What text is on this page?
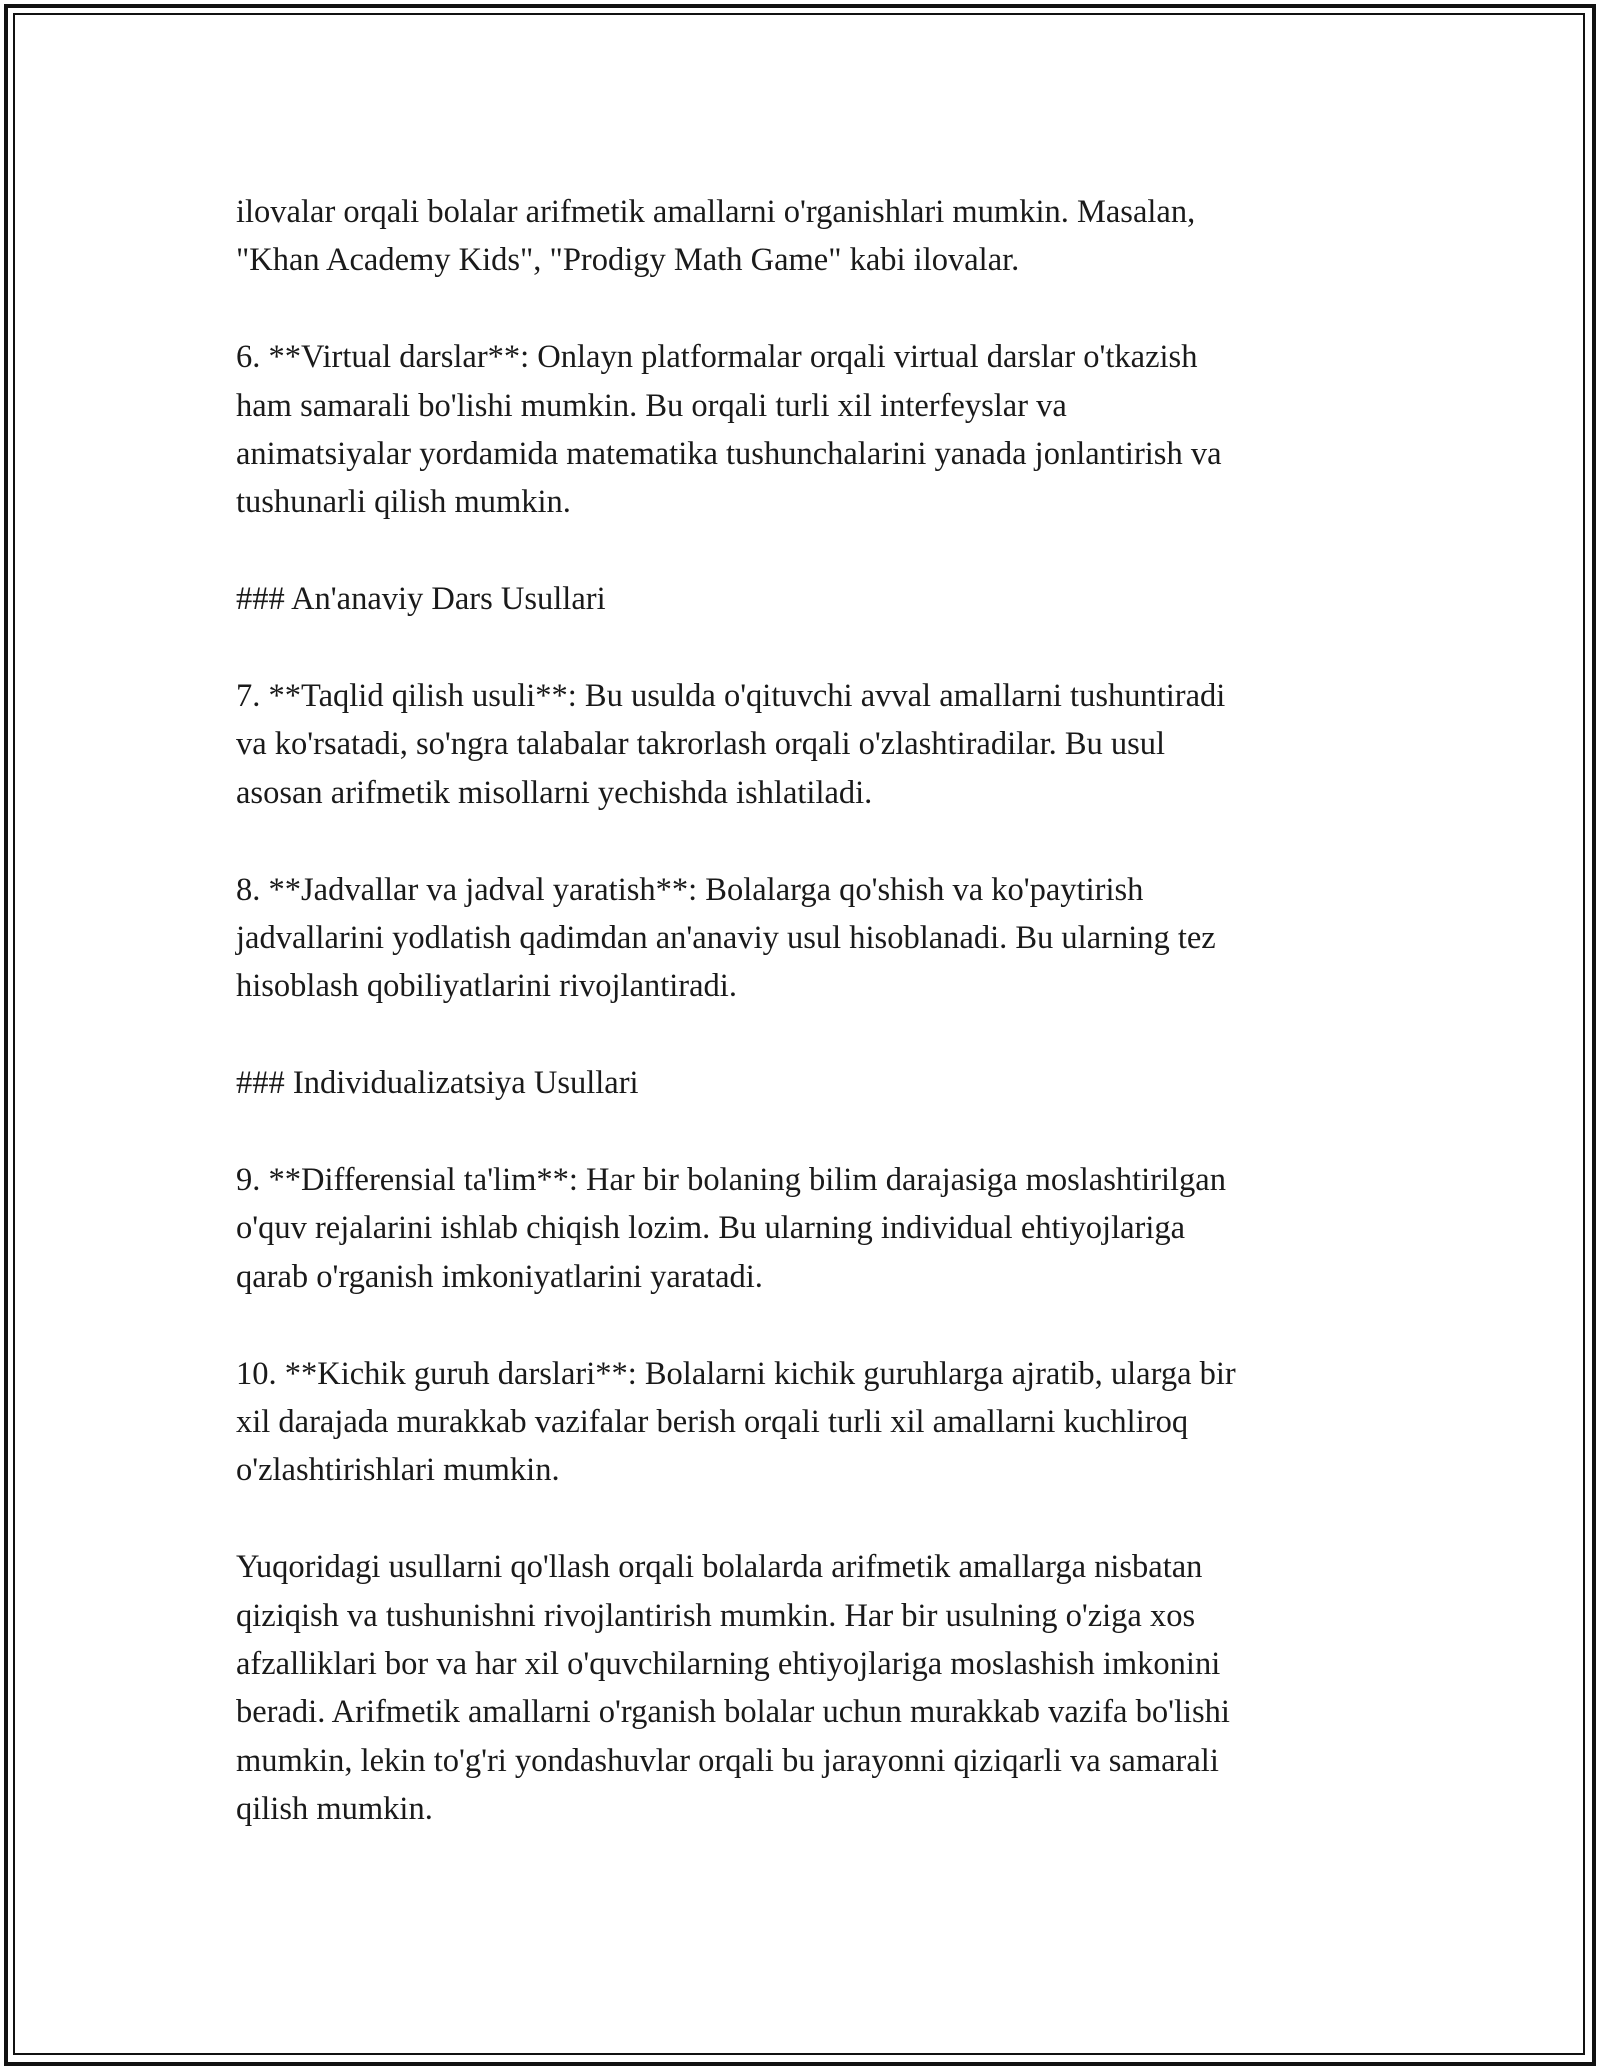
ilovalar orqali bolalar arifmetik amallarni o'rganishlari mumkin. Masalan,
"Khan Academy Kids", "Prodigy Math Game" kabi ilovalar.

6. **Virtual darslar**: Onlayn platformalar orqali virtual darslar o'tkazish
ham samarali bo'lishi mumkin. Bu orqali turli xil interfeyslar va
animatsiyalar yordamida matematika tushunchalarini yanada jonlantirish va
tushunarli qilish mumkin.

### An'anaviy Dars Usullari

7. **Taqlid qilish usuli**: Bu usulda o'qituvchi avval amallarni tushuntiradi
va ko'rsatadi, so'ngra talabalar takrorlash orqali o'zlashtiradilar. Bu usul
asosan arifmetik misollarni yechishda ishlatiladi.

8. **Jadvallar va jadval yaratish**: Bolalarga qo'shish va ko'paytirish
jadvallarini yodlatish qadimdan an'anaviy usul hisoblanadi. Bu ularning tez
hisoblash qobiliyatlarini rivojlantiradi.

### Individualizatsiya Usullari

9. **Differensial ta'lim**: Har bir bolaning bilim darajasiga moslashtirilgan
o'quv rejalarini ishlab chiqish lozim. Bu ularning individual ehtiyojlariga
qarab o'rganish imkoniyatlarini yaratadi.

10. **Kichik guruh darslari**: Bolalarni kichik guruhlarga ajratib, ularga bir
xil darajada murakkab vazifalar berish orqali turli xil amallarni kuchliroq
o'zlashtirishlari mumkin.

Yuqoridagi usullarni qo'llash orqali bolalarda arifmetik amallarga nisbatan
qiziqish va tushunishni rivojlantirish mumkin. Har bir usulning o'ziga xos
afzalliklari bor va har xil o'quvchilarning ehtiyojlariga moslashish imkonini
beradi. Arifmetik amallarni o'rganish bolalar uchun murakkab vazifa bo'lishi
mumkin, lekin to'g'ri yondashuvlar orqali bu jarayonni qiziqarli va samarali
qilish mumkin.
